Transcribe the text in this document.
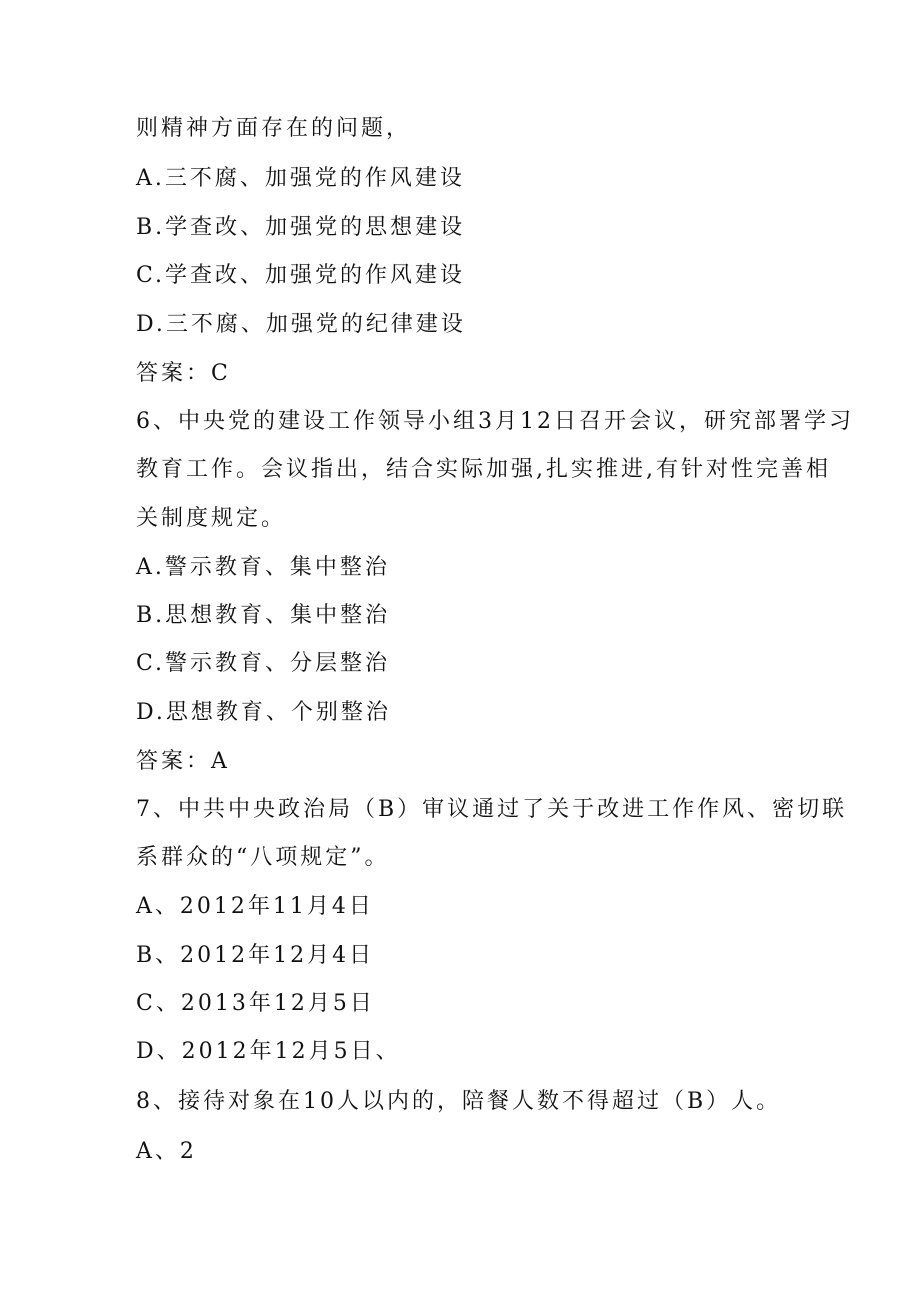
则精神方面存在的问题，
A.三不腐、加强党的作风建设
B.学查改、加强党的思想建设
C.学查改、加强党的作风建设
D.三不腐、加强党的纪律建设
答案：C
6、中央党的建设工作领导小组3月12日召开会议，研究部署学习
教育工作。会议指出，结合实际加强,扎实推进,有针对性完善相
关制度规定。
A.警示教育、集中整治
B.思想教育、集中整治
C.警示教育、分层整治
D.思想教育、个别整治
答案：A
7、中共中央政治局（B）审议通过了关于改进工作作风、密切联
系群众的“八项规定”。
A、2012年11月4日
B、2012年12月4日
C、2013年12月5日
D、2012年12月5日、
8、接待对象在10人以内的，陪餐人数不得超过（B）人。
A、2
